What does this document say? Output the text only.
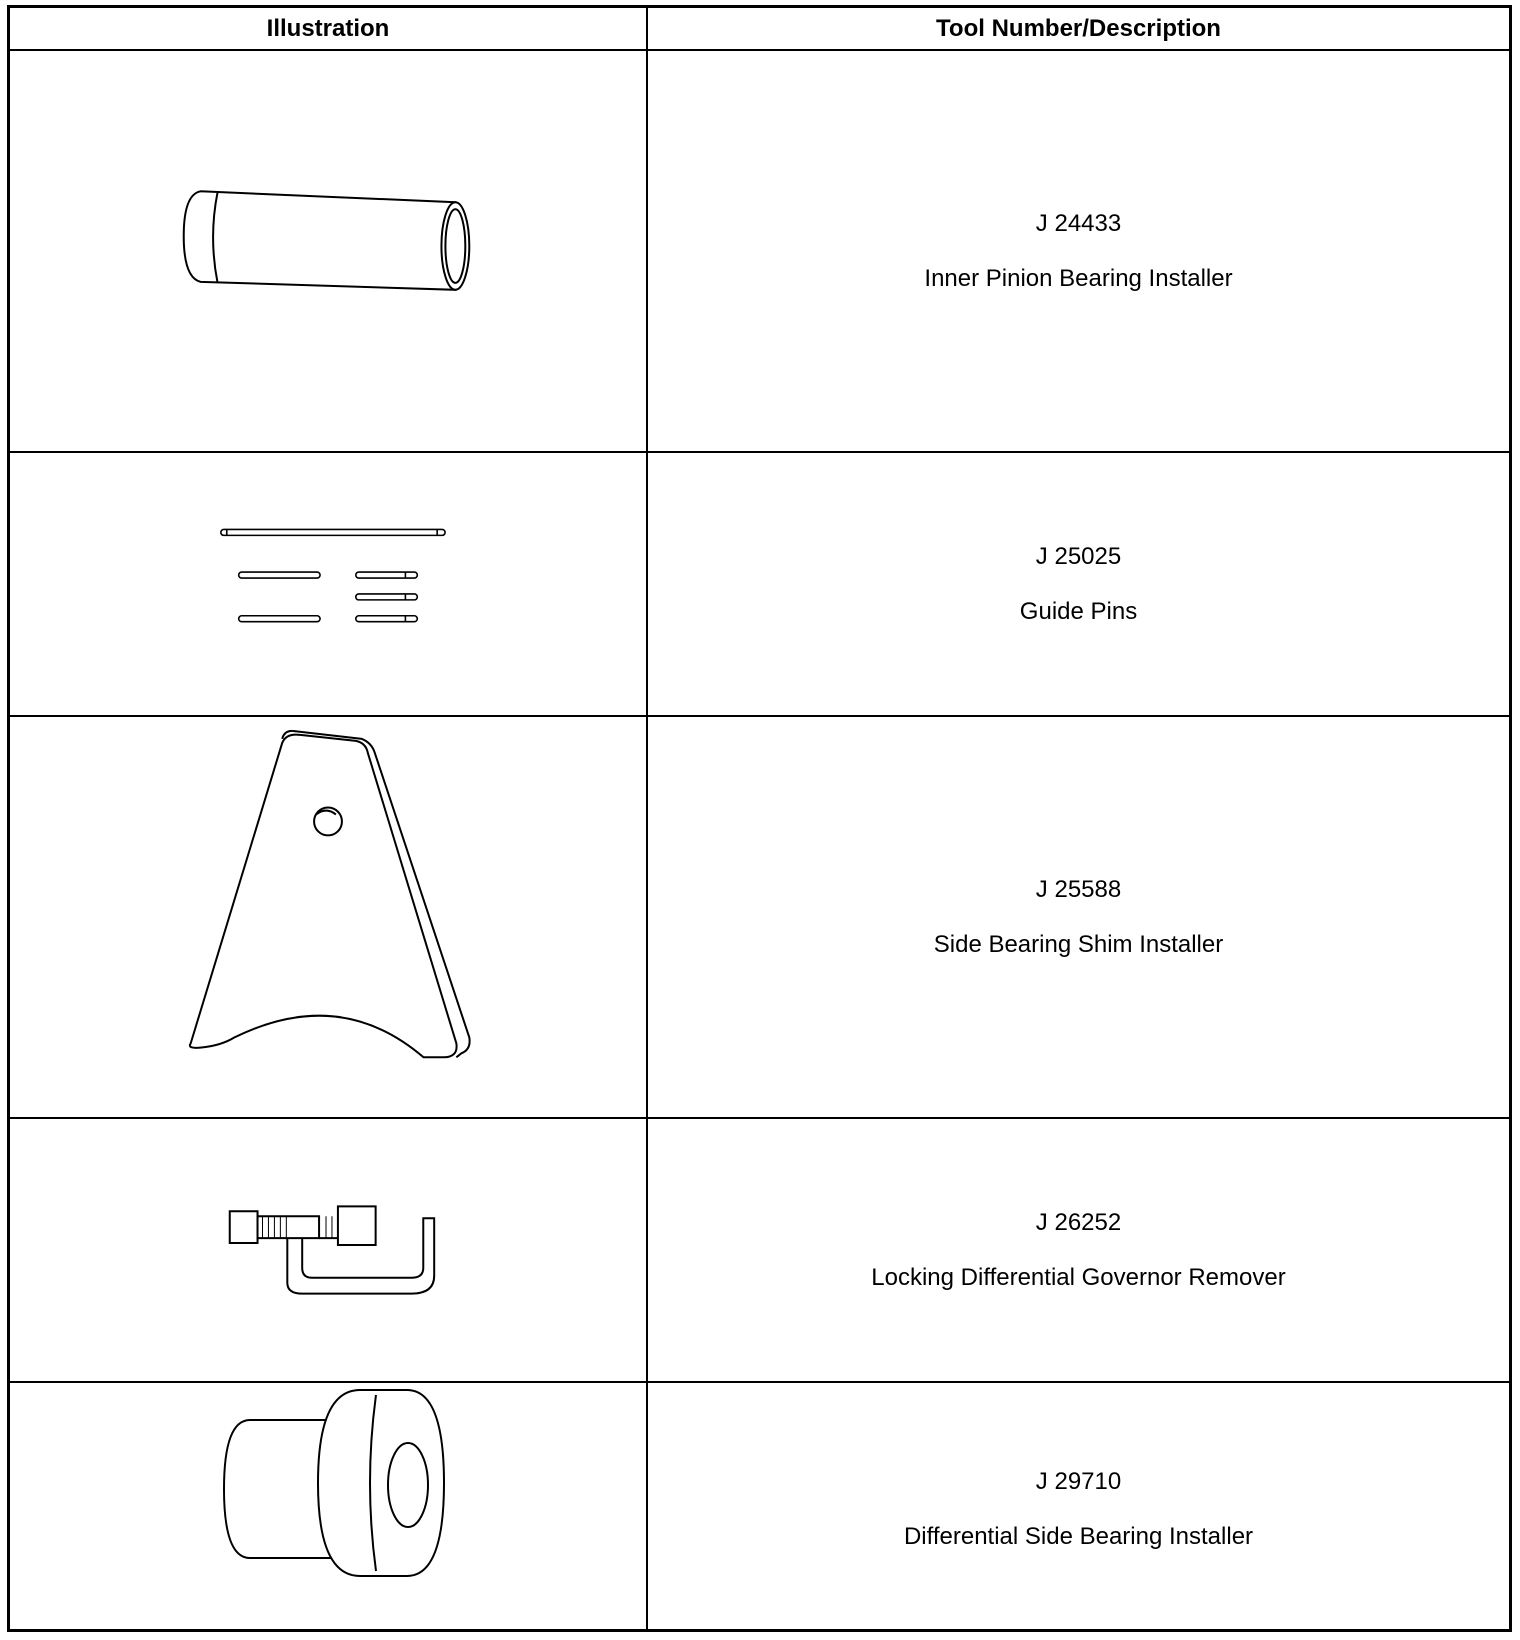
Illustration	Tool Number/Description
J 24433
Inner Pinion Bearing Installer
J 25025
Guide Pins
J 25588
Side Bearing Shim Installer
J 26252
Locking Differential Governor Remover
J 29710
Differential Side Bearing Installer
